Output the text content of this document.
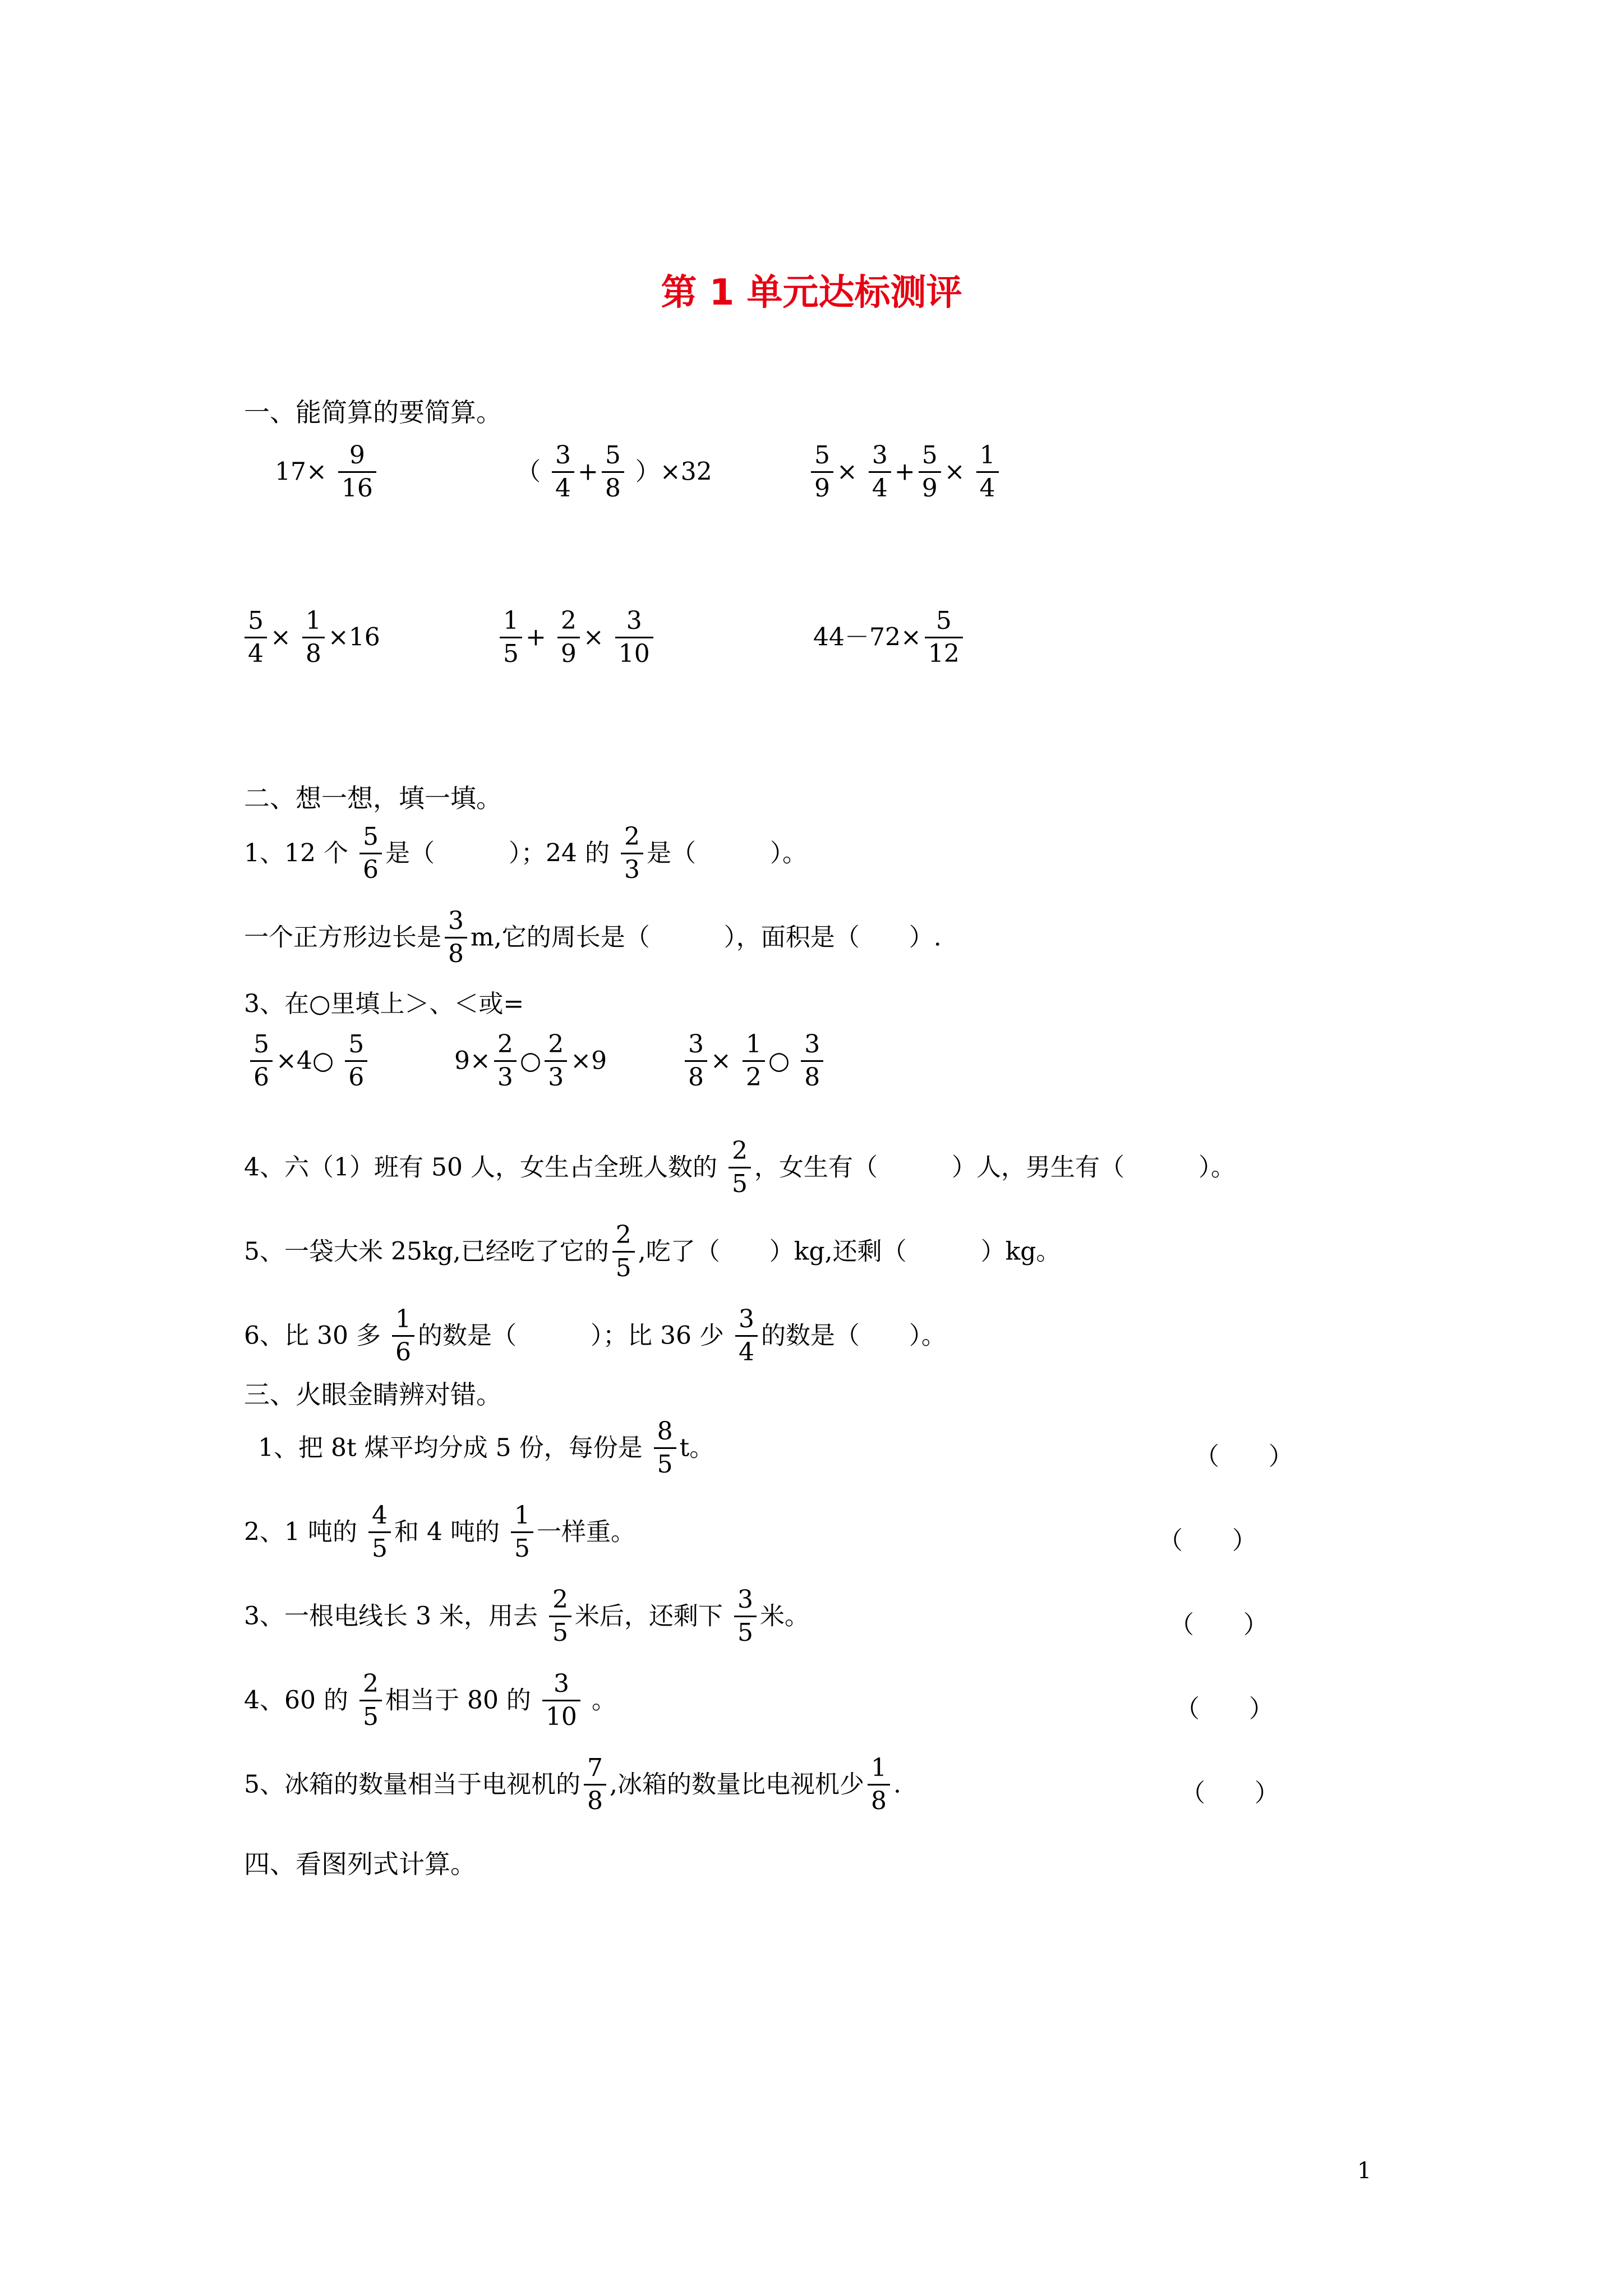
第 1 单元达标测评
一、能简算的要简算。
$17\times \frac{9}{16}$	（ $\frac{3}{4} + \frac{5}{8} )\times 32$	$\frac{5}{9} \times \frac{3}{4} + \frac{5}{9} \times \frac{1}{4}$
$\frac{5}{4} \times \frac{1}{8} \times 16$	$\frac{1}{5} + \frac{2}{9} \times \frac{3}{10}$	$44-72\times \frac{5}{12}$
二、想一想，填一填。
1、12 个 $\frac{5}{6}$ 是（　　　）；24 的 $\frac{2}{3}$ 是（　　　）。
一个正方形边长是 $\frac{3}{8} m$,它的周长是（　　　），面积是（　　）.
3、在○里填上＞、＜或=
$\frac{5}{6}$ ×4○ $\frac{5}{6}$	$9\times \frac{2}{3}$ ○ $\frac{2}{3} \times 9$	$\frac{3}{8} \times \frac{1}{2}$ ○ $\frac{3}{8}$
4、六（1）班有 50 人，女生占全班人数的 $\frac{2}{5}$ ，女生有（　　　）人，男生有（　　　）。
5、一袋大米 25kg,已经吃了它的 $\frac{2}{5}$ ,吃了（　　）kg,还剩（　　　）kg。
6、比 30 多 $\frac{1}{6}$ 的数是（　　　）；比 36 少 $\frac{3}{4}$ 的数是（　　）。
三、火眼金睛辨对错。
1、把 8t 煤平均分成 5 份，每份是 $\frac{8}{5}$ t。	（　　）
2、1 吨的 $\frac{4}{5}$ 和 4 吨的 $\frac{1}{5}$ 一样重。	（　　）
3、一根电线长 3 米，用去 $\frac{2}{5}$ 米后，还剩下 $\frac{3}{5}$ 米。	（　　）
4、60 的 $\frac{2}{5}$ 相当于 80 的 $\frac{3}{10}$ 。	（　　）
5、冰箱的数量相当于电视机的 $\frac{7}{8}$ ,冰箱的数量比电视机少 $\frac{1}{8}$ .	（　　）
四、看图列式计算。
1
